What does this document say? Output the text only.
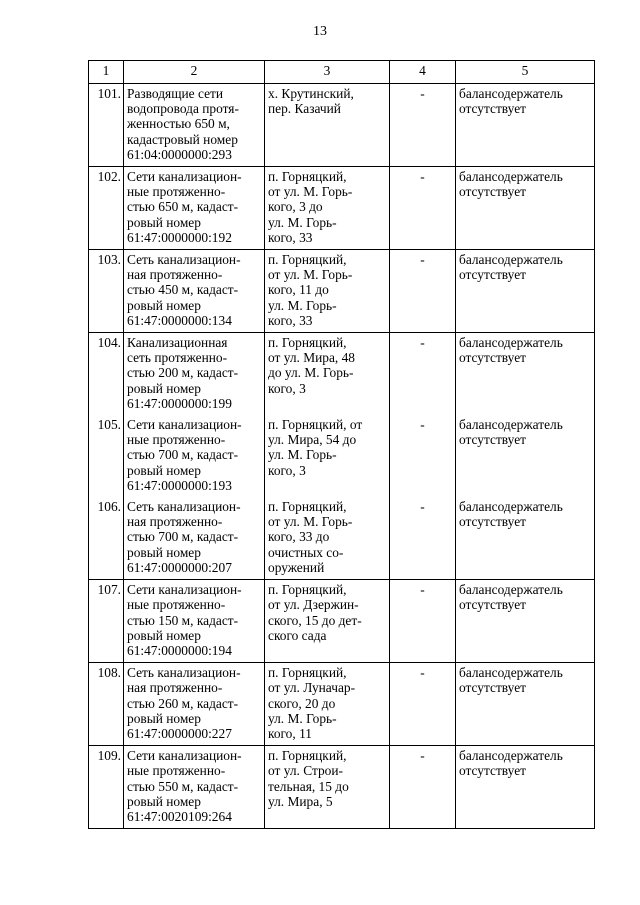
13
1	2	3	4	5
101.	Разводящие сети
водопровода протя-
женностью 650 м,
кадастровый номер
61:04:0000000:293	х. Крутинский,
пер. Казачий	-	балансодержатель
отсутствует
102.	Сети канализацион-
ные протяженно-
стью 650 м, кадаст-
ровый номер
61:47:0000000:192	п. Горняцкий,
от ул. М. Горь-
кого, 3 до
ул. М. Горь-
кого, 33	-	балансодержатель
отсутствует
103.	Сеть канализацион-
ная протяженно-
стью 450 м, кадаст-
ровый номер
61:47:0000000:134	п. Горняцкий,
от ул. М. Горь-
кого, 11 до
ул. М. Горь-
кого, 33	-	балансодержатель
отсутствует
104.	Канализационная
сеть протяженно-
стью 200 м, кадаст-
ровый номер
61:47:0000000:199	п. Горняцкий,
от ул. Мира, 48
до ул. М. Горь-
кого, 3	-	балансодержатель
отсутствует
105.	Сети канализацион-
ные протяженно-
стью 700 м, кадаст-
ровый номер
61:47:0000000:193	п. Горняцкий, от
ул. Мира, 54 до
ул. М. Горь-
кого, 3	-	балансодержатель
отсутствует
106.	Сеть канализацион-
ная протяженно-
стью 700 м, кадаст-
ровый номер
61:47:0000000:207	п. Горняцкий,
от ул. М. Горь-
кого, 33 до
очистных со-
оружений	-	балансодержатель
отсутствует
107.	Сети канализацион-
ные протяженно-
стью 150 м, кадаст-
ровый номер
61:47:0000000:194	п. Горняцкий,
от ул. Дзержин-
ского, 15 до дет-
ского сада	-	балансодержатель
отсутствует
108.	Сеть канализацион-
ная протяженно-
стью 260 м, кадаст-
ровый номер
61:47:0000000:227	п. Горняцкий,
от ул. Луначар-
ского, 20 до
ул. М. Горь-
кого, 11	-	балансодержатель
отсутствует
109.	Сети канализацион-
ные протяженно-
стью 550 м, кадаст-
ровый номер
61:47:0020109:264	п. Горняцкий,
от ул. Строи-
тельная, 15 до
ул. Мира, 5	-	балансодержатель
отсутствует
